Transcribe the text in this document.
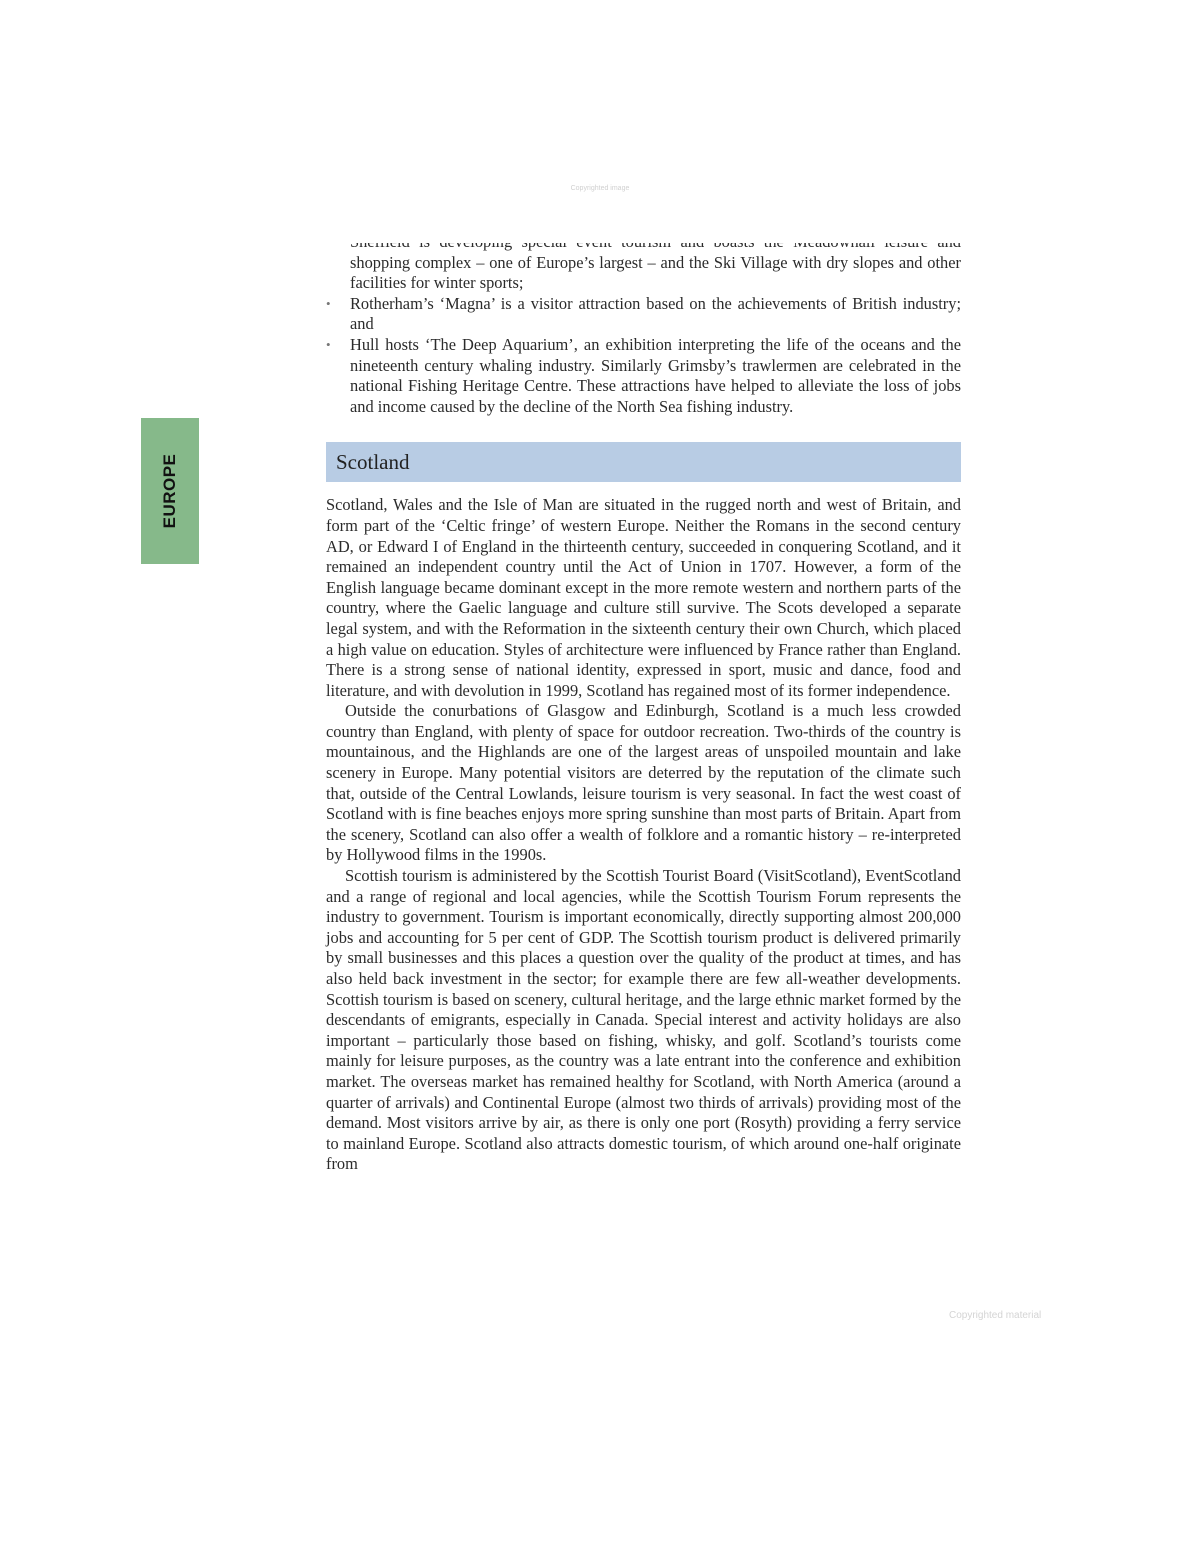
Copyrighted image
EUROPE
shopping complex – one of Europe’s largest – and the Ski Village with dry slopes and other facilities for winter sports;
• Rotherham’s ‘Magna’ is a visitor attraction based on the achievements of British industry; and
• Hull hosts ‘The Deep Aquarium’, an exhibition interpreting the life of the oceans and the nineteenth century whaling industry. Similarly Grimsby’s trawlermen are celebrated in the national Fishing Heritage Centre. These attractions have helped to alleviate the loss of jobs and income caused by the decline of the North Sea fishing industry.
Scotland

Scotland, Wales and the Isle of Man are situated in the rugged north and west of Britain, and form part of the ‘Celtic fringe’ of western Europe. Neither the Romans in the second century AD, or Edward I of England in the thirteenth century, succeeded in conquering Scotland, and it remained an independent country until the Act of Union in 1707. However, a form of the English language became dominant except in the more remote western and northern parts of the country, where the Gaelic language and culture still survive. The Scots developed a separate legal system, and with the Reformation in the sixteenth century their own Church, which placed a high value on education. Styles of architecture were influenced by France rather than England. There is a strong sense of national identity, expressed in sport, music and dance, food and literature, and with devolution in 1999, Scotland has regained most of its former independence.

Outside the conurbations of Glasgow and Edinburgh, Scotland is a much less crowded country than England, with plenty of space for outdoor recreation. Two-thirds of the country is mountainous, and the Highlands are one of the largest areas of unspoiled mountain and lake scenery in Europe. Many potential visitors are deterred by the reputation of the climate such that, outside of the Central Lowlands, leisure tourism is very seasonal. In fact the west coast of Scotland with is fine beaches enjoys more spring sunshine than most parts of Britain. Apart from the scenery, Scotland can also offer a wealth of folklore and a romantic history – re-interpreted by Hollywood films in the 1990s.

Scottish tourism is administered by the Scottish Tourist Board (VisitScotland), EventScotland and a range of regional and local agencies, while the Scottish Tourism Forum represents the industry to government. Tourism is important economically, directly supporting almost 200,000 jobs and accounting for 5 per cent of GDP. The Scottish tourism product is delivered primarily by small businesses and this places a question over the quality of the product at times, and has also held back investment in the sector; for example there are few all-weather developments. Scottish tourism is based on scenery, cultural heritage, and the large ethnic market formed by the descendants of emigrants, especially in Canada. Special interest and activity holidays are also important – particularly those based on fishing, whisky, and golf. Scotland’s tourists come mainly for leisure purposes, as the country was a late entrant into the conference and exhibition market. The overseas market has remained healthy for Scotland, with North America (around a quarter of arrivals) and Continental Europe (almost two thirds of arrivals) providing most of the demand. Most visitors arrive by air, as there is only one port (Rosyth) providing a ferry service to mainland Europe. Scotland also attracts domestic tourism, of which around one-half originate from

Copyrighted material
